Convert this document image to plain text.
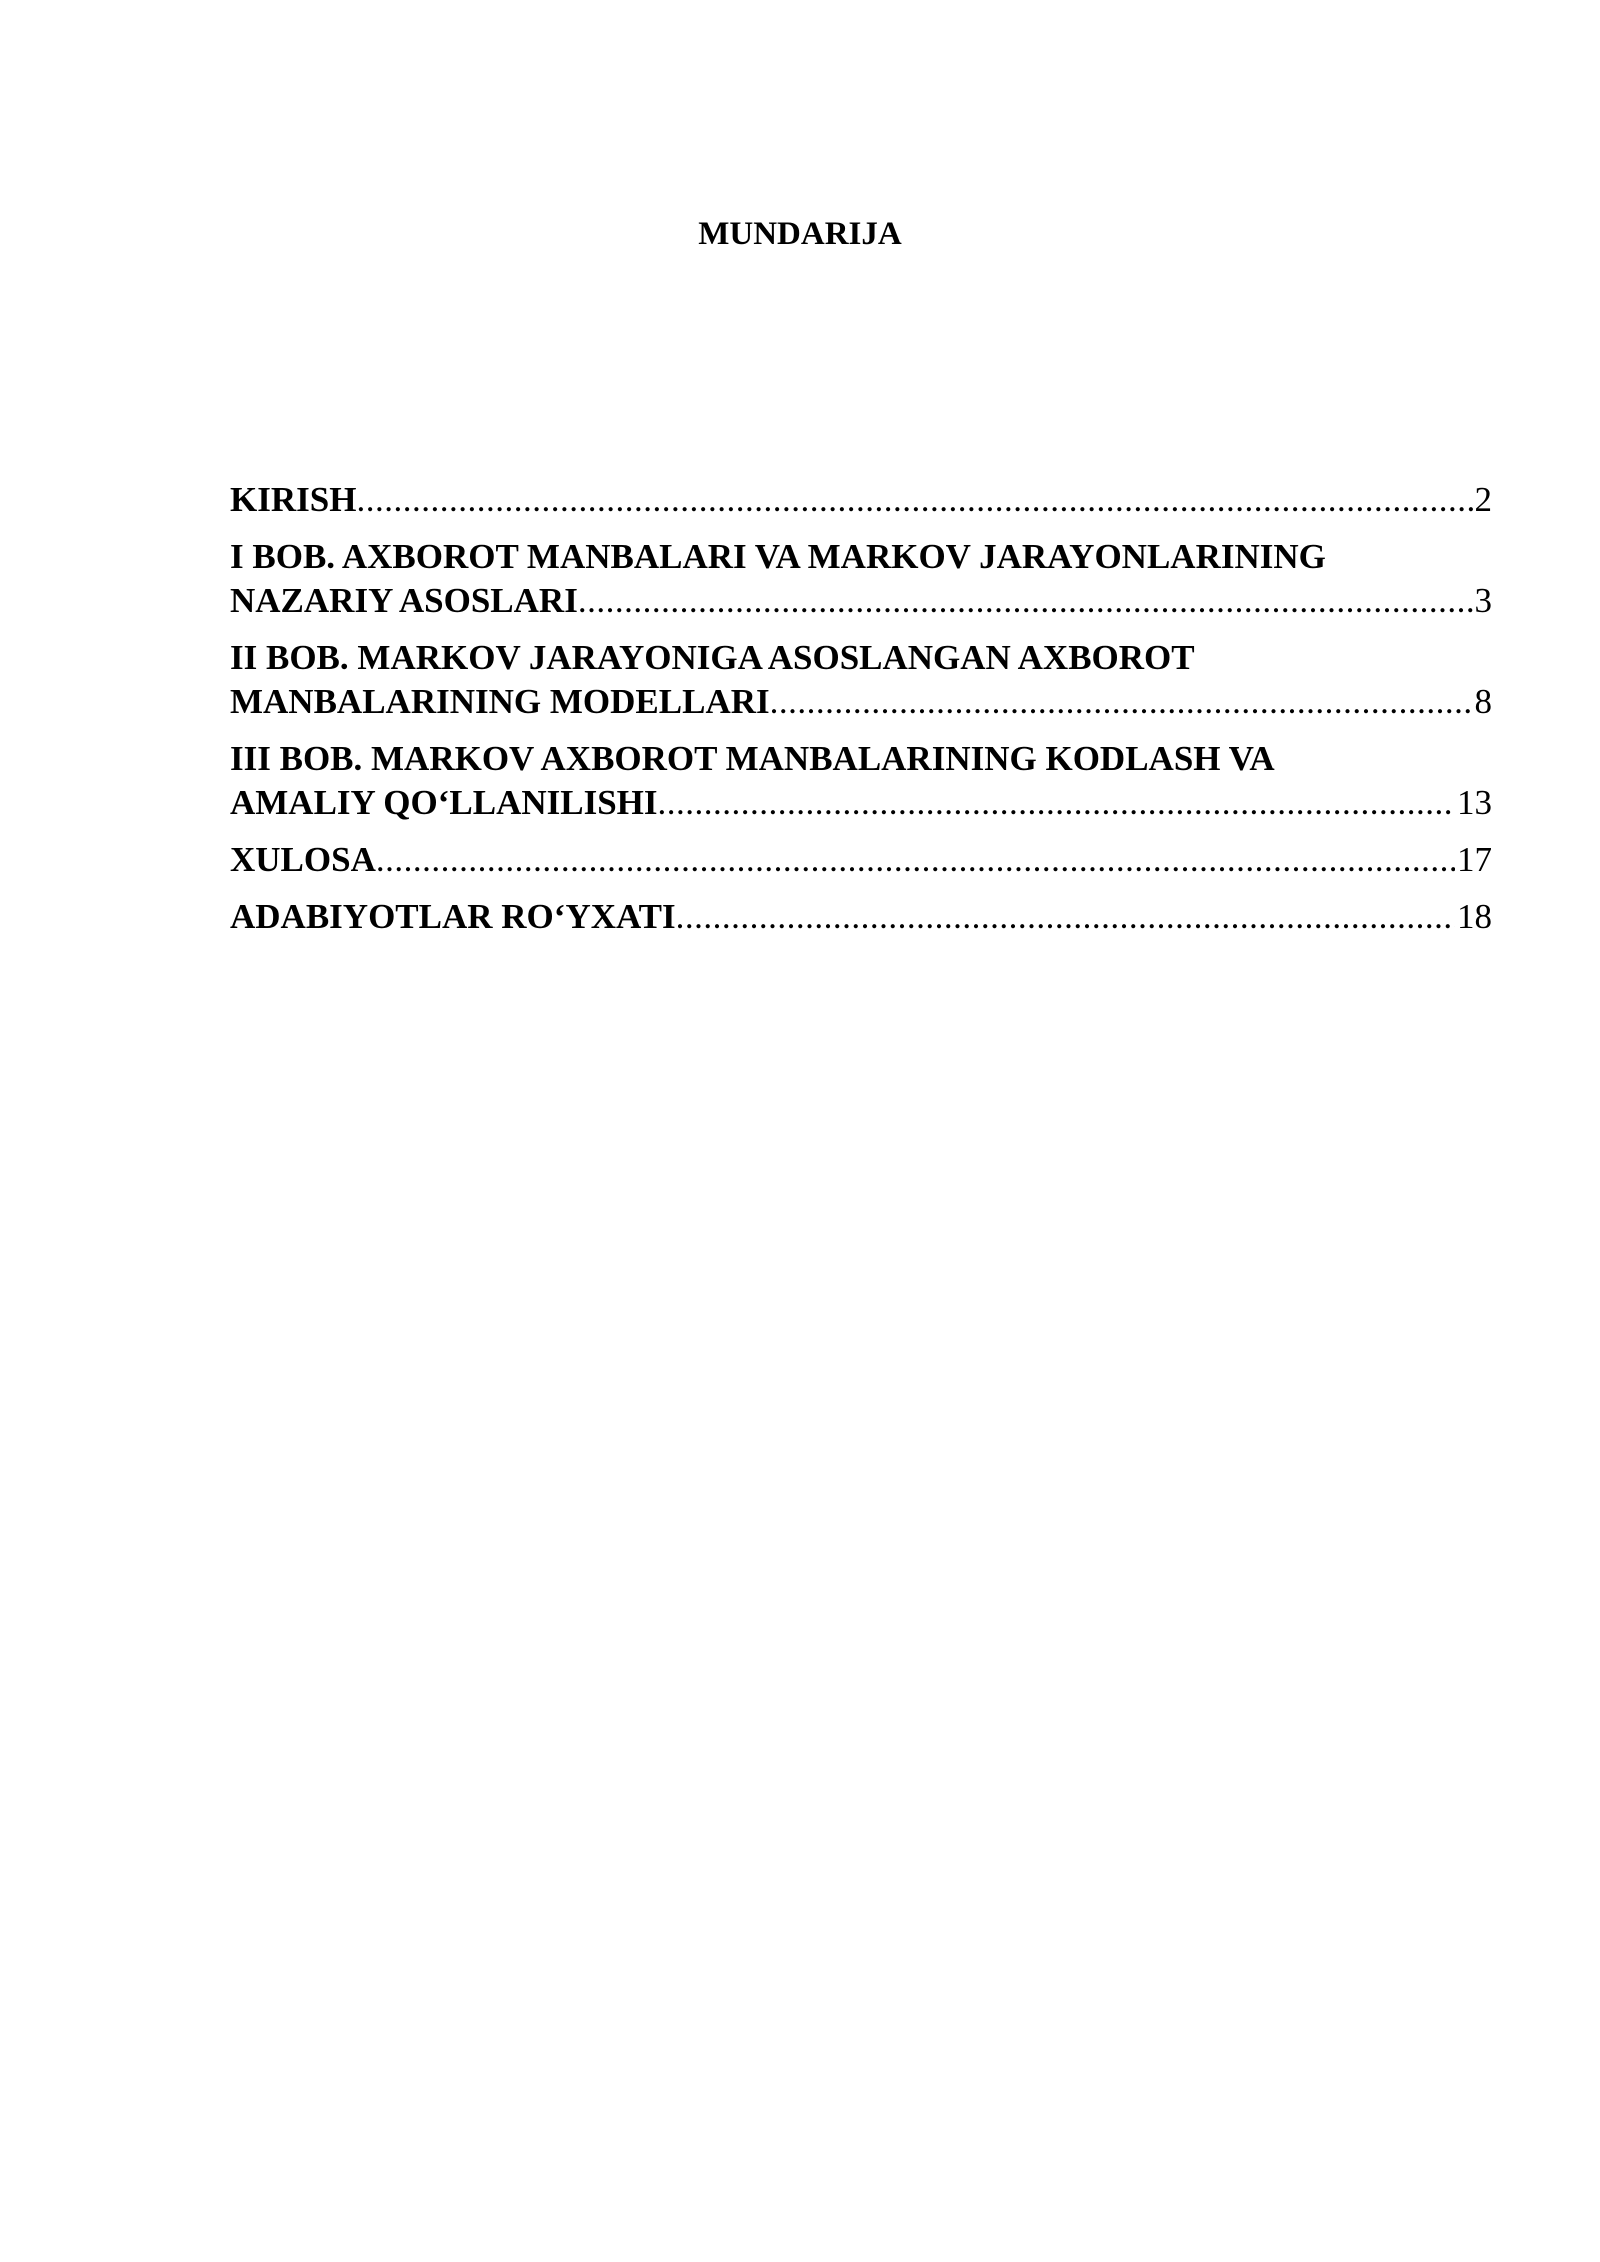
MUNDARIJA
KIRISH .....	2
I BOB. AXBOROT MANBALARI VA MARKOV JARAYONLARINING
NAZARIY ASOSLARI .....	3
II BOB. MARKOV JARAYONIGA ASOSLANGAN AXBOROT
MANBALARINING MODELLARI .....	8
III BOB. MARKOV AXBOROT MANBALARINING KODLASH VA
AMALIY QO‘LLANILISHI .....	13
XULOSA .....	17
ADABIYOTLAR RO‘YXATI .....	18
